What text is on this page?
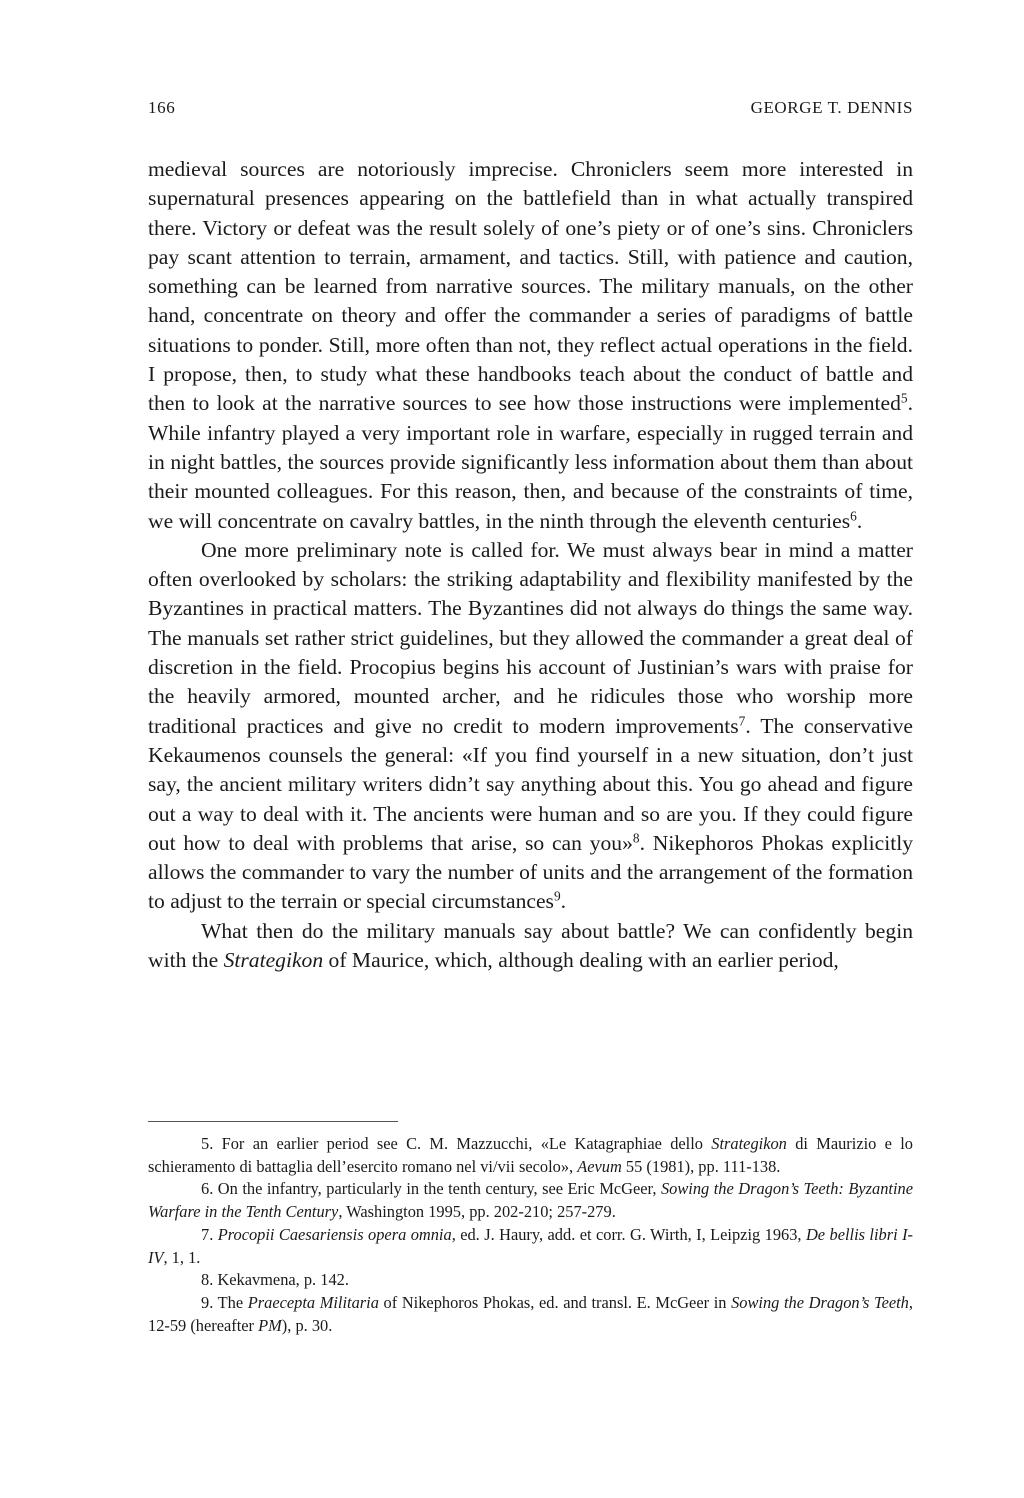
166	GEORGE T. DENNIS

medieval sources are notoriously imprecise. Chroniclers seem more interested in supernatural presences appearing on the battlefield than in what actually transpired there. Victory or defeat was the result solely of one’s piety or of one’s sins. Chroniclers pay scant attention to terrain, armament, and tactics. Still, with patience and caution, something can be learned from narrative sources. The military manuals, on the other hand, concentrate on theory and offer the commander a series of paradigms of battle situations to ponder. Still, more often than not, they reflect actual operations in the field. I propose, then, to study what these handbooks teach about the conduct of battle and then to look at the narrative sources to see how those instructions were implemented$^5$. While infantry played a very important role in warfare, especially in rugged terrain and in night battles, the sources provide significantly less information about them than about their mounted colleagues. For this reason, then, and because of the constraints of time, we will concentrate on cavalry battles, in the ninth through the eleventh centuries$^6$.

One more preliminary note is called for. We must always bear in mind a matter often overlooked by scholars: the striking adaptability and flexibility manifested by the Byzantines in practical matters. The Byzantines did not always do things the same way. The manuals set rather strict guidelines, but they allowed the commander a great deal of discretion in the field. Procopius begins his account of Justinian’s wars with praise for the heavily armored, mounted archer, and he ridicules those who worship more traditional practices and give no credit to modern improvements$^7$. The conservative Kekaumenos counsels the general: «If you find yourself in a new situation, don’t just say, the ancient military writers didn’t say anything about this. You go ahead and figure out a way to deal with it. The ancients were human and so are you. If they could figure out how to deal with problems that arise, so can you»$^8$. Nikephoros Phokas explicitly allows the commander to vary the number of units and the arrangement of the formation to adjust to the terrain or special circumstances$^9$.

What then do the military manuals say about battle? We can confidently begin with the Strategikon of Maurice, which, although dealing with an earlier period,

5. For an earlier period see C. M. Mazzucchi, «Le Katagraphiae dello Strategikon di Maurizio e lo schieramento di battaglia dell’esercito romano nel vi/vii secolo», Aevum 55 (1981), pp. 111-138.

6. On the infantry, particularly in the tenth century, see Eric McGeer, Sowing the Dragon’s Teeth: Byzantine Warfare in the Tenth Century, Washington 1995, pp. 202-210; 257-279.

7. Procopii Caesariensis opera omnia, ed. J. Haury, add. et corr. G. Wirth, I, Leipzig 1963, De bellis libri I-IV, 1, 1.

8. Kekavmena, p. 142.

9. The Praecepta Militaria of Nikephoros Phokas, ed. and transl. E. McGeer in Sowing the Dragon’s Teeth, 12-59 (hereafter PM), p. 30.
